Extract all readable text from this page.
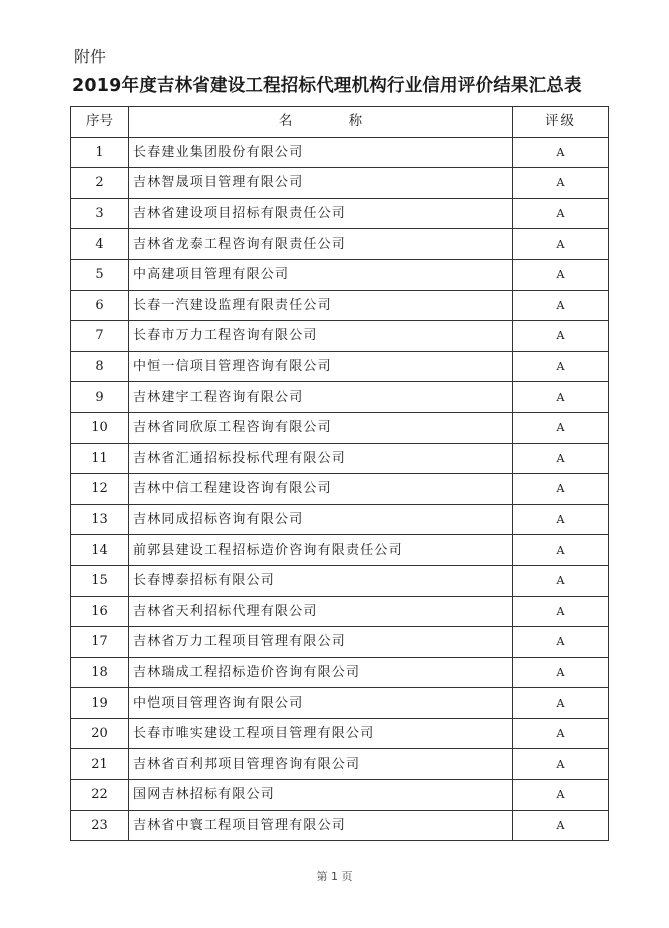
附件
2019年度吉林省建设工程招标代理机构行业信用评价结果汇总表
序号	名 称	评级
1	长春建业集团股份有限公司	A
2	吉林智晟项目管理有限公司	A
3	吉林省建设项目招标有限责任公司	A
4	吉林省龙泰工程咨询有限责任公司	A
5	中高建项目管理有限公司	A
6	长春一汽建设监理有限责任公司	A
7	长春市万力工程咨询有限公司	A
8	中恒一信项目管理咨询有限公司	A
9	吉林建宇工程咨询有限公司	A
10	吉林省同欣原工程咨询有限公司	A
11	吉林省汇通招标投标代理有限公司	A
12	吉林中信工程建设咨询有限公司	A
13	吉林同成招标咨询有限公司	A
14	前郭县建设工程招标造价咨询有限责任公司	A
15	长春博泰招标有限公司	A
16	吉林省天利招标代理有限公司	A
17	吉林省万力工程项目管理有限公司	A
18	吉林瑞成工程招标造价咨询有限公司	A
19	中恺项目管理咨询有限公司	A
20	长春市唯实建设工程项目管理有限公司	A
21	吉林省百利邦项目管理咨询有限公司	A
22	国网吉林招标有限公司	A
23	吉林省中寰工程项目管理有限公司	A
第 1 页
